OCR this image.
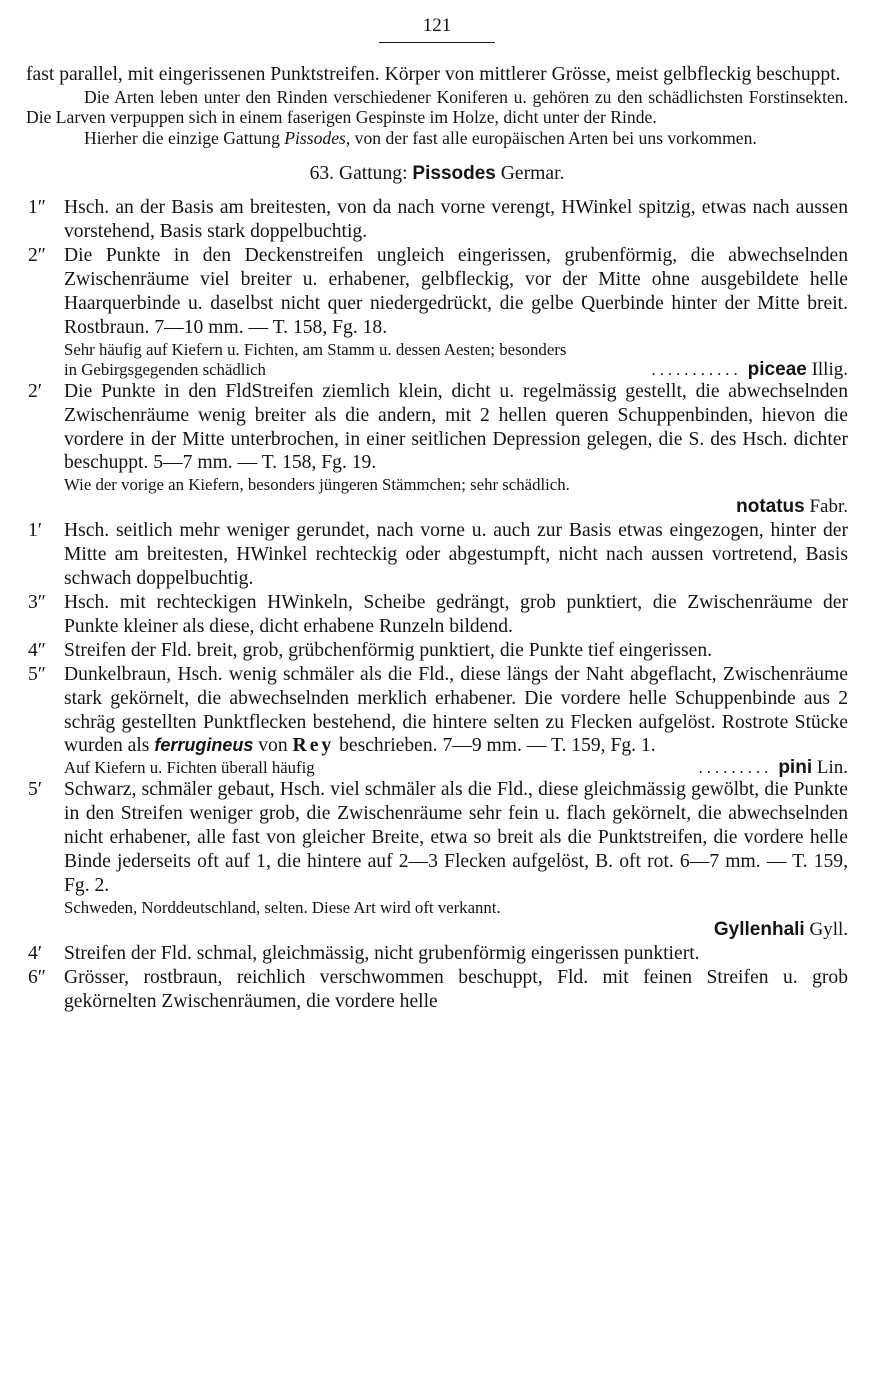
121
fast parallel, mit eingerissenen Punktstreifen. Körper von mittlerer Grösse, meist gelbfleckig beschuppt.
Die Arten leben unter den Rinden verschiedener Koniferen u. gehören zu den schädlichsten Forstinsekten. Die Larven verpuppen sich in einem faserigen Gespinste im Holze, dicht unter der Rinde.
Hierher die einzige Gattung Pissodes, von der fast alle europäischen Arten bei uns vorkommen.
63. Gattung: Pissodes Germar.
1″ Hsch. an der Basis am breitesten, von da nach vorne verengt, HWinkel spitzig, etwas nach aussen vorstehend, Basis stark doppelbuchtig.
2″ Die Punkte in den Deckenstreifen ungleich eingerissen, grubenförmig, die abwechselnden Zwischenräume viel breiter u. erhabener, gelbfleckig, vor der Mitte ohne ausgebildete helle Haarquerbinde u. daselbst nicht quer niedergedrückt, die gelbe Querbinde hinter der Mitte breit. Rostbraun. 7—10 mm. — T. 158, Fg. 18.
Sehr häufig auf Kiefern u. Fichten, am Stamm u. dessen Aesten; besonders
in Gebirgsgegenden schädlich	........... piceae Illig.
2′ Die Punkte in den FldStreifen ziemlich klein, dicht u. regelmässig gestellt, die abwechselnden Zwischenräume wenig breiter als die andern, mit 2 hellen queren Schuppenbinden, hievon die vordere in der Mitte unterbrochen, in einer seitlichen Depression gelegen, die S. des Hsch. dichter beschuppt. 5—7 mm. — T. 158, Fg. 19.
Wie der vorige an Kiefern, besonders jüngeren Stämmchen; sehr schädlich.
notatus Fabr.
1′ Hsch. seitlich mehr weniger gerundet, nach vorne u. auch zur Basis etwas eingezogen, hinter der Mitte am breitesten, HWinkel rechteckig oder abgestumpft, nicht nach aussen vortretend, Basis schwach doppelbuchtig.
3″ Hsch. mit rechteckigen HWinkeln, Scheibe gedrängt, grob punktiert, die Zwischenräume der Punkte kleiner als diese, dicht erhabene Runzeln bildend.
4″ Streifen der Fld. breit, grob, grübchenförmig punktiert, die Punkte tief eingerissen.
5″ Dunkelbraun, Hsch. wenig schmäler als die Fld., diese längs der Naht abgeflacht, Zwischenräume stark gekörnelt, die abwechselnden merklich erhabener. Die vordere helle Schuppenbinde aus 2 schräg gestellten Punktflecken bestehend, die hintere selten zu Flecken aufgelöst. Rostrote Stücke wurden als ferrugineus von Rey beschrieben. 7—9 mm. — T. 159, Fg. 1.
Auf Kiefern u. Fichten überall häufig	......... pini Lin.
5′ Schwarz, schmäler gebaut, Hsch. viel schmäler als die Fld., diese gleichmässig gewölbt, die Punkte in den Streifen weniger grob, die Zwischenräume sehr fein u. flach gekörnelt, die abwechselnden nicht erhabener, alle fast von gleicher Breite, etwa so breit als die Punktstreifen, die vordere helle Binde jederseits oft auf 1, die hintere auf 2—3 Flecken aufgelöst, B. oft rot. 6—7 mm. — T. 159, Fg. 2.
Schweden, Norddeutschland, selten. Diese Art wird oft verkannt.
Gyllenhali Gyll.
4′ Streifen der Fld. schmal, gleichmässig, nicht grubenförmig eingerissen punktiert.
6″ Grösser, rostbraun, reichlich verschwommen beschuppt, Fld. mit feinen Streifen u. grob gekörnelten Zwischenräumen, die vordere helle
